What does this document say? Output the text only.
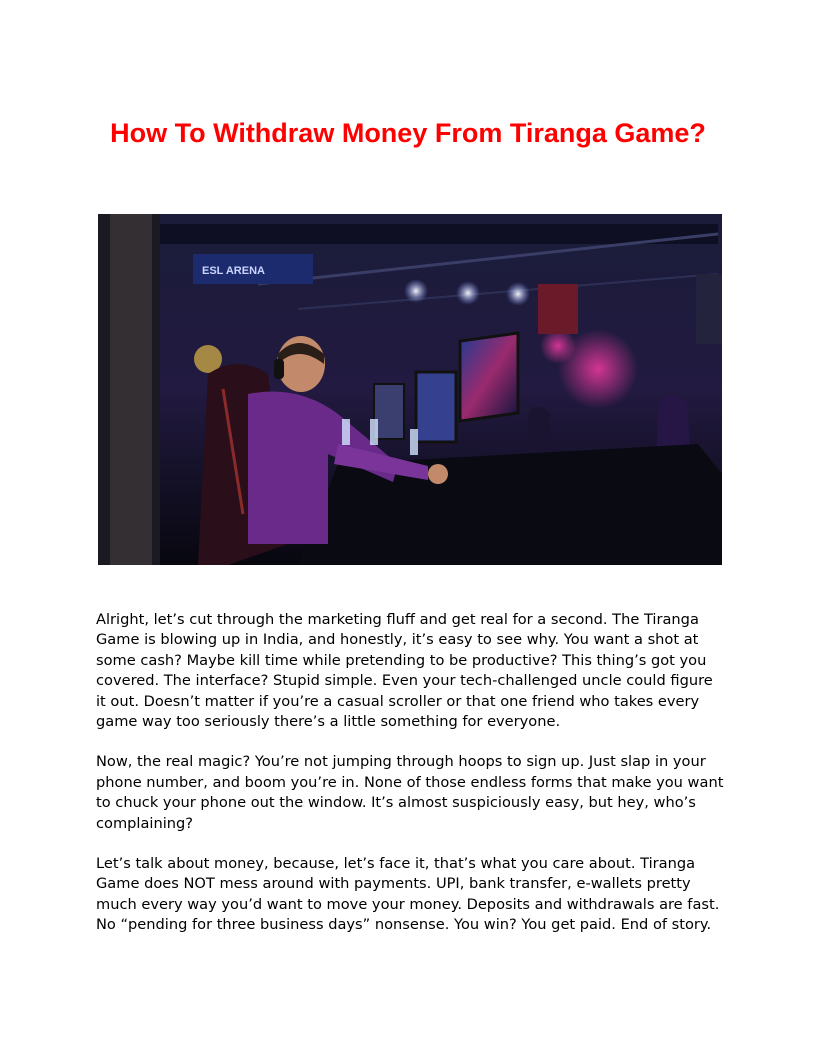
How To Withdraw Money From Tiranga Game?
ESL ARENA

Alright, let’s cut through the marketing fluff and get real for a second. The Tiranga Game is blowing up in India, and honestly, it’s easy to see why. You want a shot at some cash? Maybe kill time while pretending to be productive? This thing’s got you covered. The interface? Stupid simple. Even your tech-challenged uncle could figure it out. Doesn’t matter if you’re a casual scroller or that one friend who takes every game way too seriously there’s a little something for everyone.

Now, the real magic? You’re not jumping through hoops to sign up. Just slap in your phone number, and boom you’re in. None of those endless forms that make you want to chuck your phone out the window. It’s almost suspiciously easy, but hey, who’s complaining?

Let’s talk about money, because, let’s face it, that’s what you care about. Tiranga Game does NOT mess around with payments. UPI, bank transfer, e-wallets pretty much every way you’d want to move your money. Deposits and withdrawals are fast. No “pending for three business days” nonsense. You win? You get paid. End of story.
